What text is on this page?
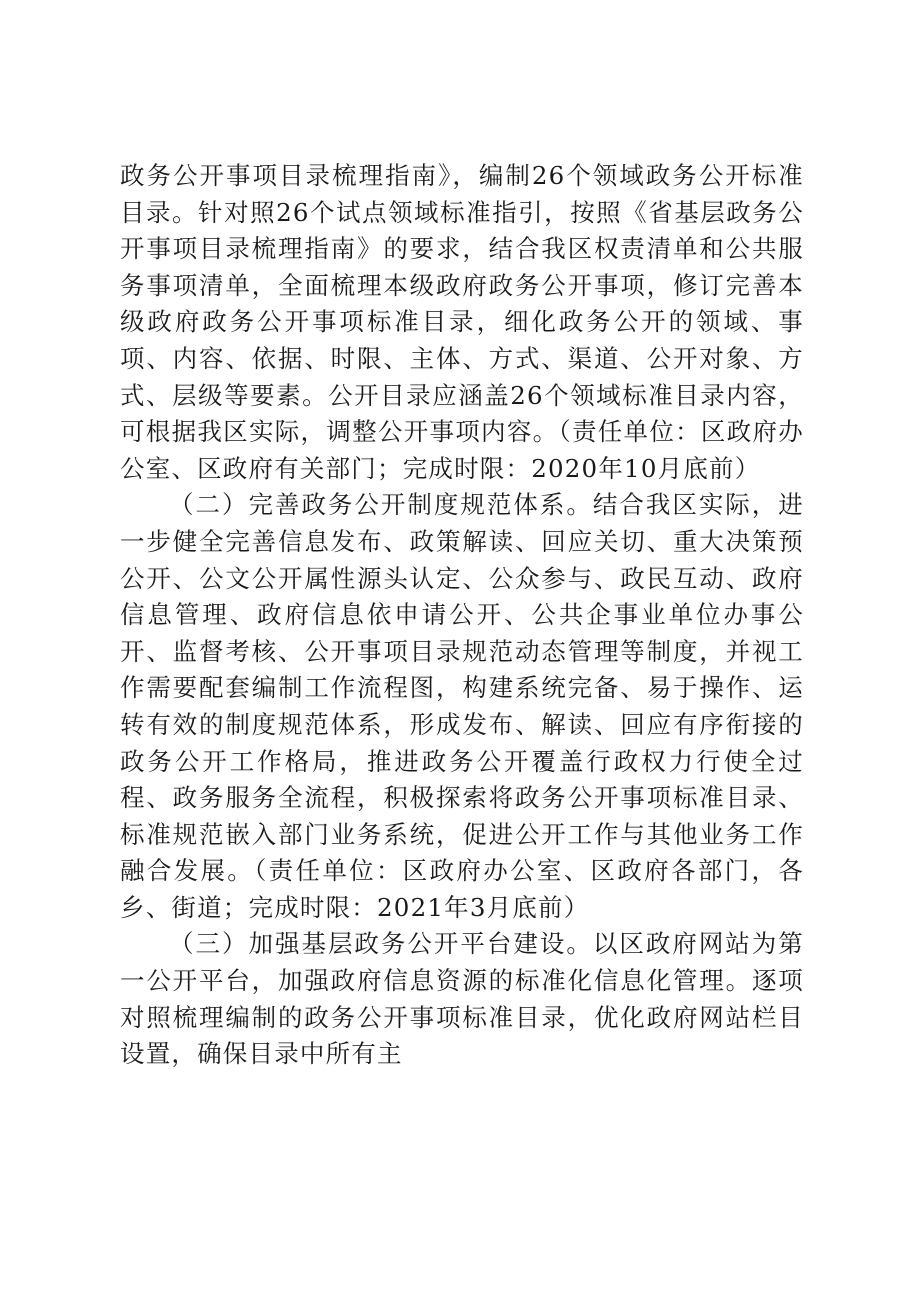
政务公开事项目录梳理指南》，编制26个领域政务公开标准目录。针对照26个试点领域标准指引，按照《省基层政务公开事项目录梳理指南》的要求，结合我区权责清单和公共服务事项清单，全面梳理本级政府政务公开事项，修订完善本级政府政务公开事项标准目录，细化政务公开的领域、事项、内容、依据、时限、主体、方式、渠道、公开对象、方式、层级等要素。公开目录应涵盖26个领域标准目录内容，可根据我区实际，调整公开事项内容。（责任单位：区政府办公室、区政府有关部门；完成时限：2020年10月底前）

（二）完善政务公开制度规范体系。结合我区实际，进一步健全完善信息发布、政策解读、回应关切、重大决策预公开、公文公开属性源头认定、公众参与、政民互动、政府信息管理、政府信息依申请公开、公共企事业单位办事公开、监督考核、公开事项目录规范动态管理等制度，并视工作需要配套编制工作流程图，构建系统完备、易于操作、运转有效的制度规范体系，形成发布、解读、回应有序衔接的政务公开工作格局，推进政务公开覆盖行政权力行使全过程、政务服务全流程，积极探索将政务公开事项标准目录、标准规范嵌入部门业务系统，促进公开工作与其他业务工作融合发展。（责任单位：区政府办公室、区政府各部门，各乡、街道；完成时限：2021年3月底前）

（三）加强基层政务公开平台建设。以区政府网站为第一公开平台，加强政府信息资源的标准化信息化管理。逐项对照梳理编制的政务公开事项标准目录，优化政府网站栏目设置，确保目录中所有主
